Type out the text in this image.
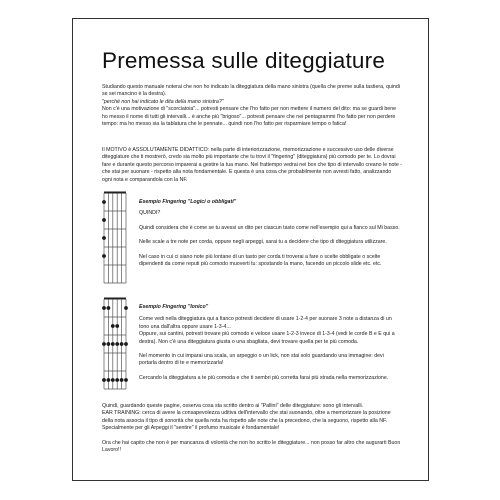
Premessa sulle diteggiature

Studiando questo manuale noterai che non ho indicato la diteggiatura della mano sinistra (quella che preme sulla tastiera, quindi se sei mancino è la destra).

"perché non hai indicato le dita della mano sinistra?"

Non c'è una motivazione di "scorciatoia"... potresti pensare che l'ho fatto per non mettere il numero del dito: ma se guardi bene ho messo il nome di tutti gli intervalli... è anche più "brigoso"... potresti pensare che nei pentagrammi l'ho fatto per non perdere tempo: ma ho messo sia la tablatura che le pennate... quindi non l'ho fatto per risparmiare tempo o fatica!

Il MOTIVO è ASSOLUTAMENTE DIDATTICO: nella parte di interiorizzazione, memorizzazione e successivo uso delle diverse diteggiature che ti mostrerò, credo sia molto più importante che tu trovi il "fingering" (diteggiatura) più comodo per te. Lo dovrai fare e durante questo percorso imparerai a gestire la tua mano. Nel frattempo vedrai nei box che tipo di intervallo creano le note - che stai per suonare - rispetto alla nota fondamentale. E questa è una cosa che probabilmente non avresti fatto, analizzando ogni nota e comparandola con la NF.

Esempio Fingering "Logici o obbligati"

QUINDI?

Quindi considera che è come se tu avessi un dito per ciascun tasto come nell'esempio qui a fianco sul Mi basso.

Nelle scale a tre note per corda, oppure negli arpeggi, sarai tu a decidere che tipo di diteggiatura utilizzare.

Nel caso in cui ci siano note più lontane di un tasto per corda ti troverai a fare o scelte obbligate o scelte dipendenti da come reputi più comodo muoverti tu: spostando la mano, facendo un piccolo slide etc. etc.

Esempio Fingering "Ionico"

Come vedi nella diteggiatura qui a fianco potresti decidere di usare 1-2-4 per suonare 3 note a distanza di un tono una dall'altra oppure usare 1-3-4...

Oppure, sui cantini, potresti trovare più comodo e veloce usare 1-2-3 invece di 1-3-4 (vedi le corde B e E qui a destra). Non c'è una diteggiatura giusta o una sbagliata, devi trovare quella per te più comoda.

Nel momento in cui imparai una scala, un arpeggio o un lick, non stai solo guardando una immagine: devi portarla dentro di te e memorizzarla!

Cercando la diteggiatura a te più comoda e che ti sembri più corretta farai più strada nella memorizzazione.

Quindi, guardando queste pagine, osserva cosa sta scritto dentro ai "Pallini" delle diteggiature: sono gli intervalli.

EAR TRAINING: cerca di avere la consapevolezza uditiva dell'intervallo che stai suonando, oltre a memorizzare la posizione della nota associa il tipo di sonorità che quella nota ha rispetto alle note che la precedono, che la seguono, rispetto alla NF. Specialmente per gli Arpeggi il "sentire" il profumo musicale è fondamentale!

Ora che hai capito che non è per mancanza di volontà che non ho scritto le diteggiature... non posso far altro che augurarti Buon Lavoro!!
